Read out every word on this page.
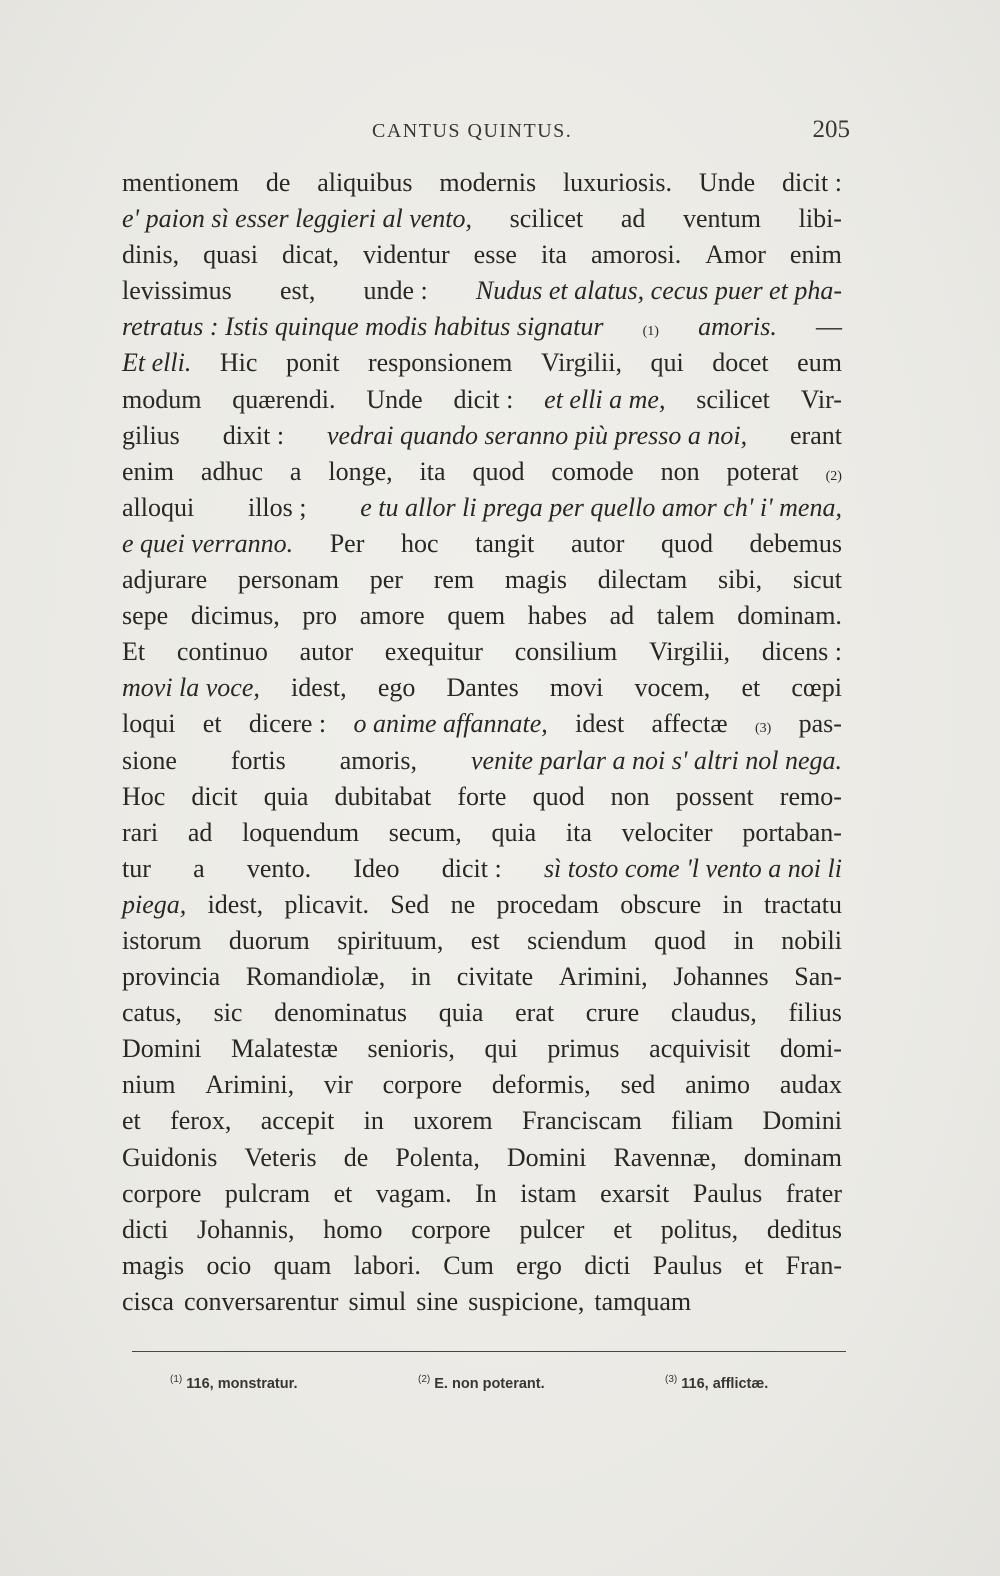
CANTUS QUINTUS.	205
mentionem de aliquibus modernis luxuriosis. Unde dicit :
e' paion sì esser leggieri al vento, scilicet ad ventum libi-
dinis, quasi dicat, videntur esse ita amorosi. Amor enim
levissimus est, unde : Nudus et alatus, cecus puer et pha-
retratus : Istis quinque modis habitus signatur	(1) amoris. —
Et elli. Hic ponit responsionem Virgilii, qui docet eum
modum quærendi. Unde dicit : et elli a me, scilicet Vir-
gilius dixit : vedrai quando seranno più presso a noi, erant
enim adhuc a longe, ita quod comode non poterat (2)
alloqui illos ; e tu allor li prega per quello amor ch' i' mena,
e quei verranno. Per hoc tangit autor quod debemus
adjurare personam per rem magis dilectam sibi, sicut
sepe dicimus, pro amore quem habes ad talem dominam.
Et continuo autor exequitur consilium Virgilii, dicens :
movi la voce, idest, ego Dantes movi vocem, et cœpi
loqui et dicere : o anime affannate, idest affectæ (3) pas-
sione fortis amoris, venite parlar a noi s' altri nol nega.
Hoc dicit quia dubitabat forte quod non possent remo-
rari ad loquendum secum, quia ita velociter portaban-
tur a vento. Ideo dicit : sì tosto come 'l vento a noi li
piega, idest, plicavit. Sed ne procedam obscure in tractatu
istorum duorum spirituum, est sciendum quod in nobili
provincia Romandiolæ, in civitate Arimini, Johannes San-
catus, sic denominatus quia erat crure claudus, filius
Domini Malatestæ senioris, qui primus acquivisit domi-
nium Arimini, vir corpore deformis, sed animo audax
et ferox, accepit in uxorem Franciscam filiam Domini
Guidonis Veteris de Polenta, Domini Ravennæ, dominam
corpore pulcram et vagam. In istam exarsit Paulus frater
dicti Johannis, homo corpore pulcer et politus, deditus
magis ocio quam labori. Cum ergo dicti Paulus et Fran-
cisca conversarentur simul sine suspicione, tamquam
$^{(1)}$ 116, monstratur.	$^{(2)}$ E. non poterant.	$^{(3)}$ 116, afflictæ.
